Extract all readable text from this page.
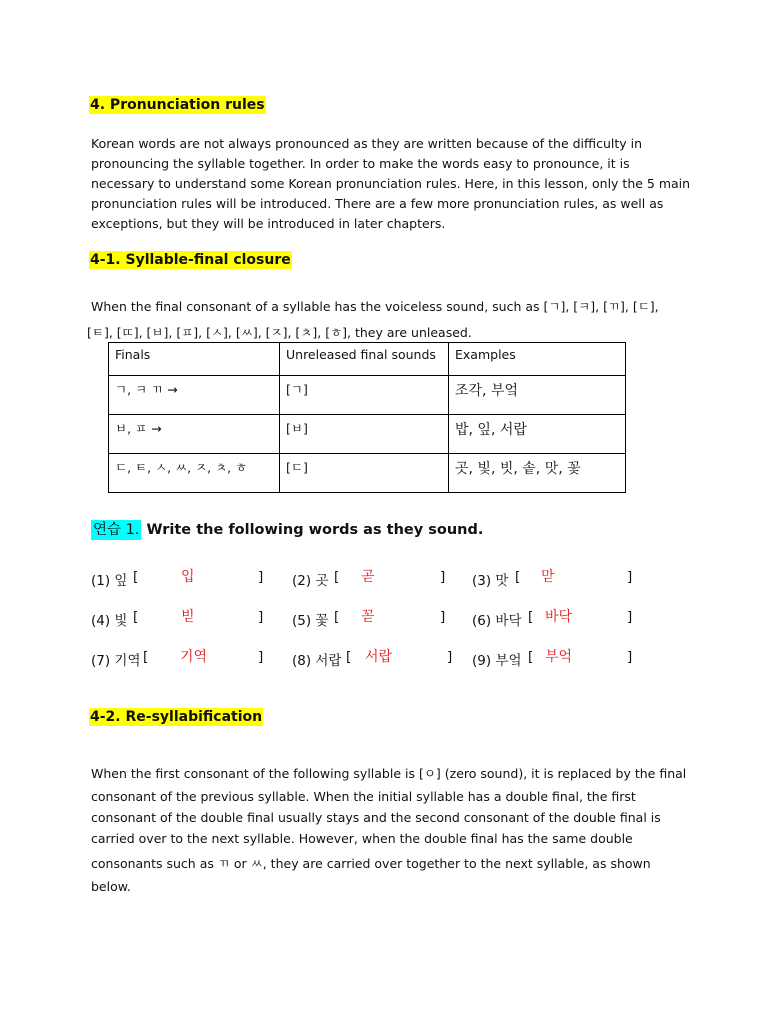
4. Pronunciation rules
Korean words are not always pronounced as they are written because of the difficulty in
pronouncing the syllable together. In order to make the words easy to pronounce, it is
necessary to understand some Korean pronunciation rules. Here, in this lesson, only the 5 main
pronunciation rules will be introduced. There are a few more pronunciation rules, as well as
exceptions, but they will be introduced in later chapters.
4-1. Syllable-final closure
When the final consonant of a syllable has the voiceless sound, such as [ㄱ], [ㅋ], [ㄲ], [ㄷ],
[ㅌ], [ㄸ], [ㅂ], [ㅍ], [ㅅ], [ㅆ], [ㅈ], [ㅊ], [ㅎ], they are unleased.
Finals	Unreleased final sounds	Examples
ㄱ, ㅋ ㄲ →	[ㄱ]	조각, 부엌
ㅂ, ㅍ →	[ㅂ]	밥, 잎, 서랍
ㄷ, ㅌ, ㅅ, ㅆ, ㅈ, ㅊ, ㅎ	[ㄷ]	곳, 빛, 빗, 솥, 맛, 꽃
연습 1. Write the following words as they sound.
(1) 잎 [	입	] (2) 곳 [ 곧	] (3) 맛 [ 맏	]
(4) 빛 [	빋	] (5) 꽃 [ 꼳	] (6) 바닥 [ 바닥	]
(7) 기역 [ 기역	] (8) 서랍 [ 서랍	] (9) 부엌 [ 부억	]
4-2. Re-syllabification
When the first consonant of the following syllable is [ㅇ] (zero sound), it is replaced by the final
consonant of the previous syllable. When the initial syllable has a double final, the first
consonant of the double final usually stays and the second consonant of the double final is
carried over to the next syllable. However, when the double final has the same double
consonants such as ㄲ or ㅆ, they are carried over together to the next syllable, as shown
below.
